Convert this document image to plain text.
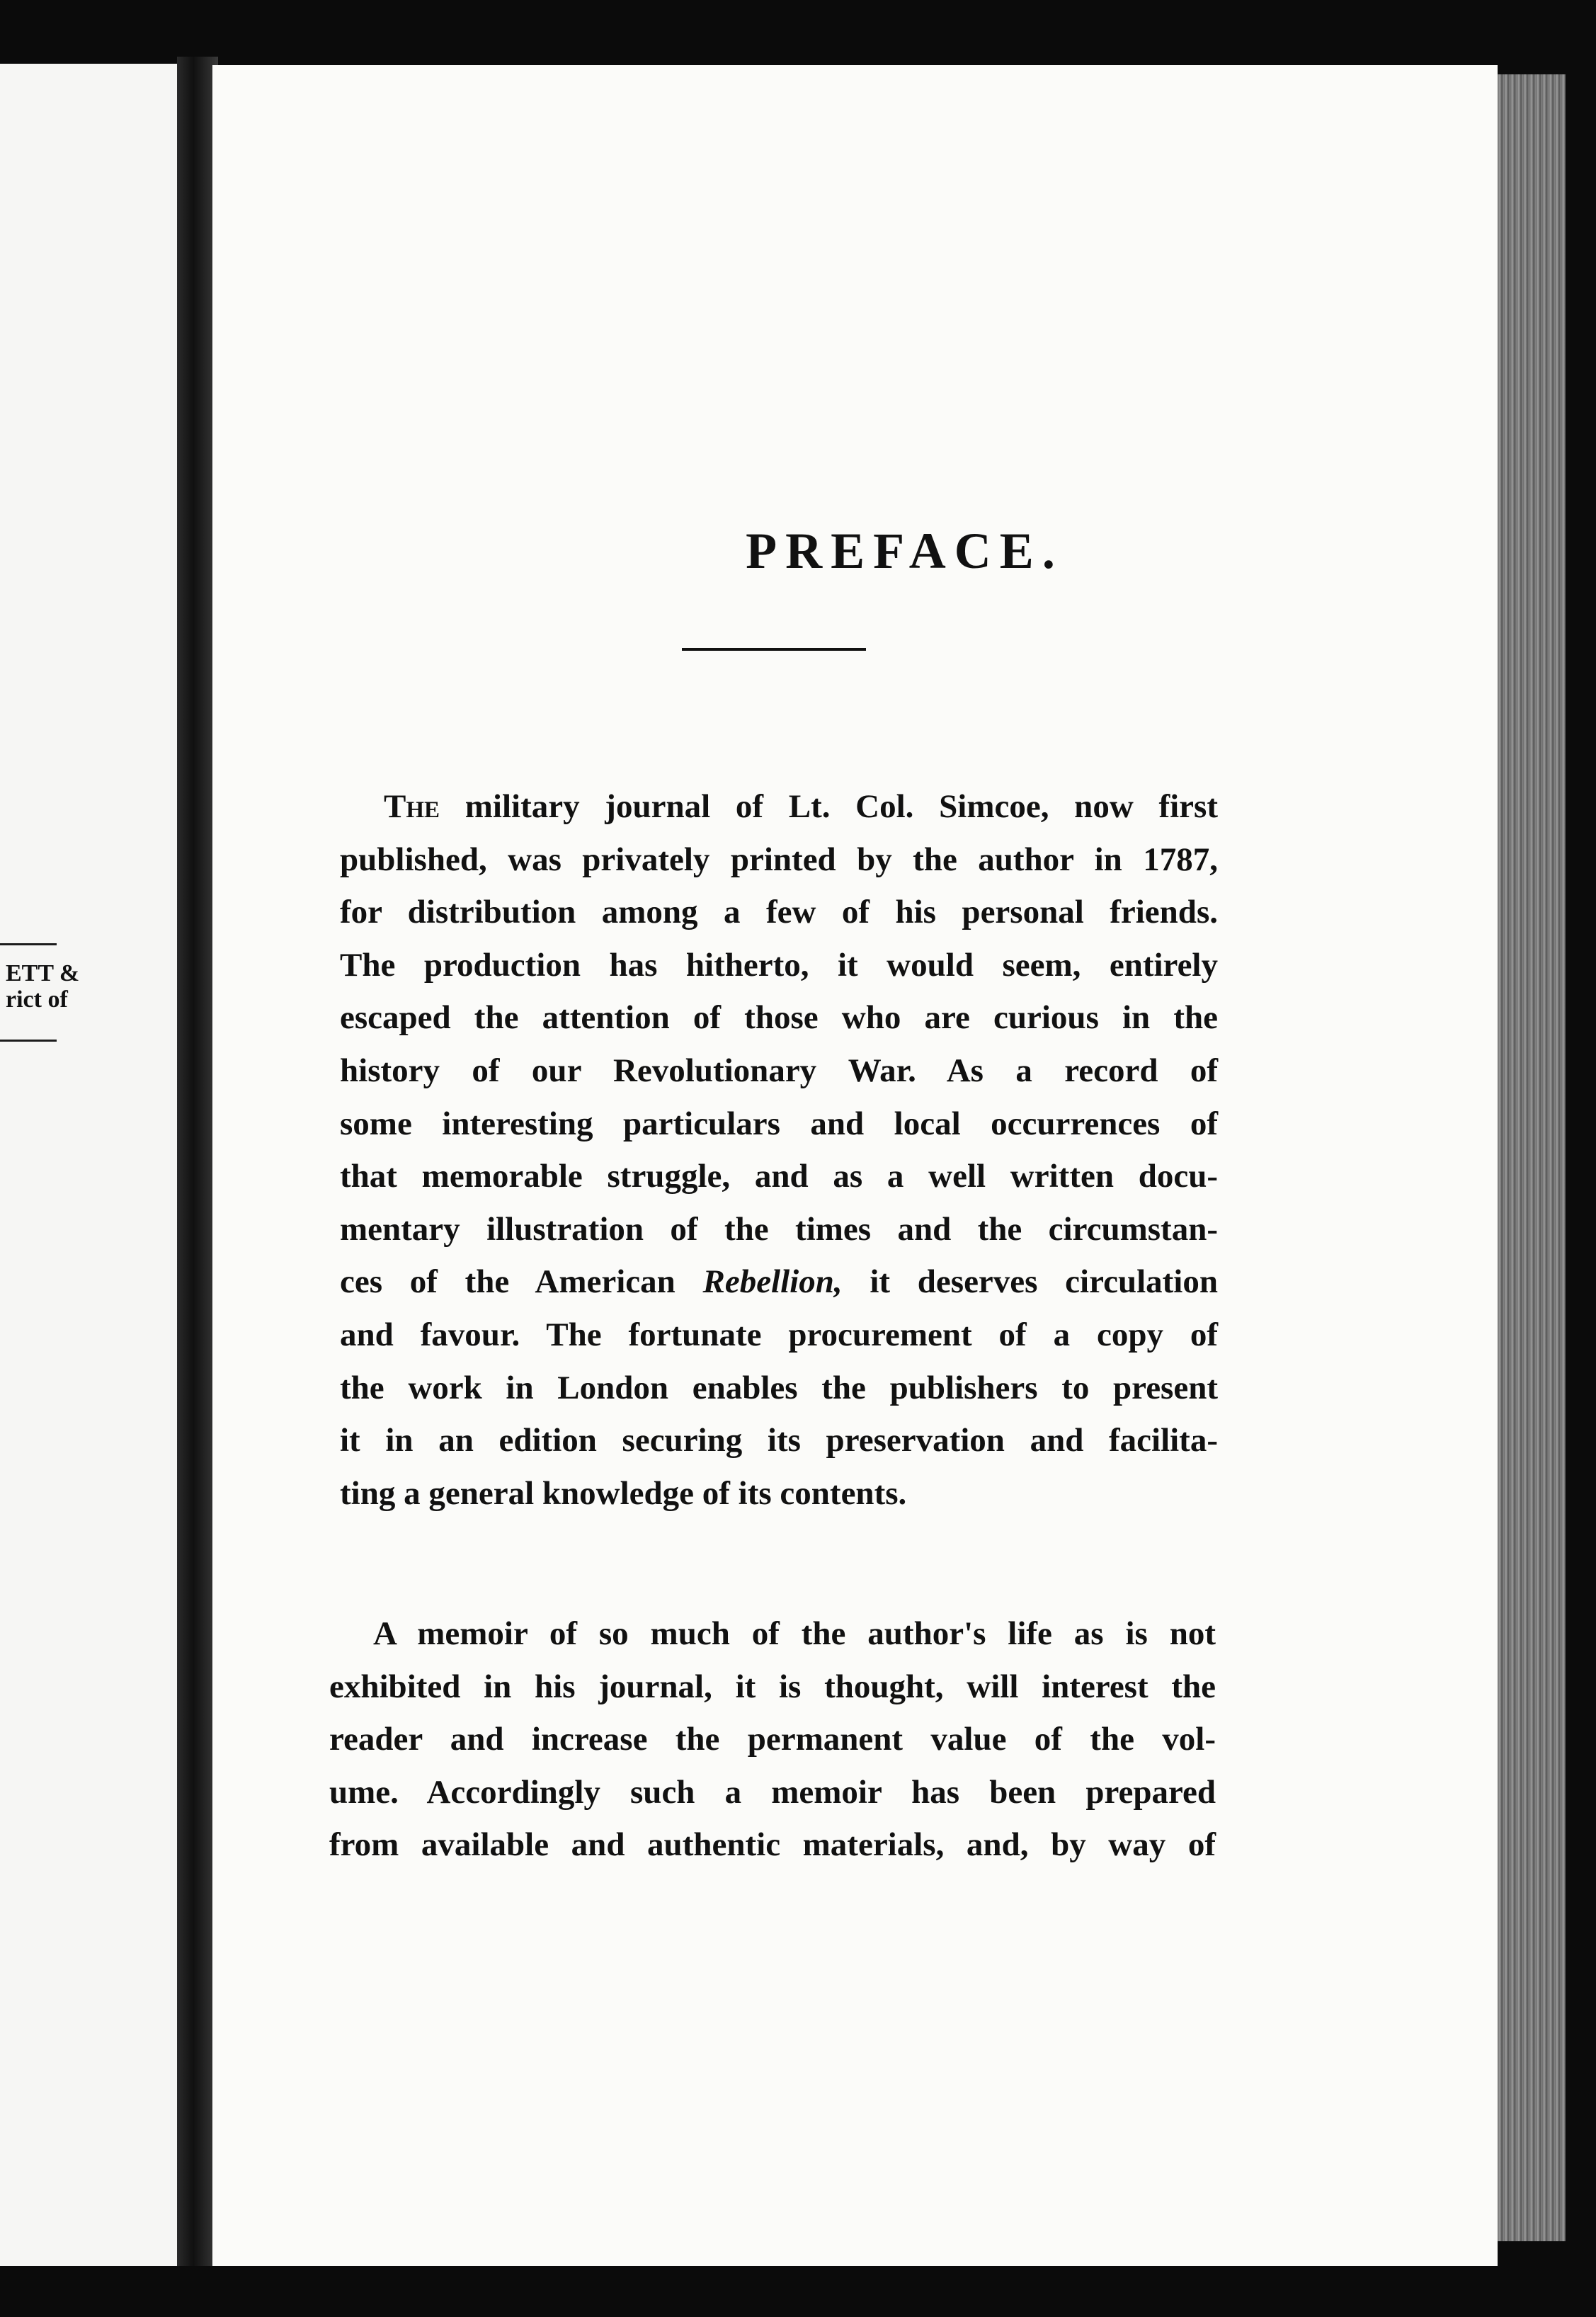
ETT &
rict of
PREFACE.
The military journal of Lt. Col. Simcoe, now first
published, was privately printed by the author in 1787,
for distribution among a few of his personal friends.
The production has hitherto, it would seem, entirely
escaped the attention of those who are curious in the
history of our Revolutionary War. As a record of
some interesting particulars and local occurrences of
that memorable struggle, and as a well written docu-
mentary illustration of the times and the circumstan-
ces of the American Rebellion, it deserves circulation
and favour. The fortunate procurement of a copy of
the work in London enables the publishers to present
it in an edition securing its preservation and facilita-
ting a general knowledge of its contents.
A memoir of so much of the author's life as is not
exhibited in his journal, it is thought, will interest the
reader and increase the permanent value of the vol-
ume. Accordingly such a memoir has been prepared
from available and authentic materials, and, by way of
